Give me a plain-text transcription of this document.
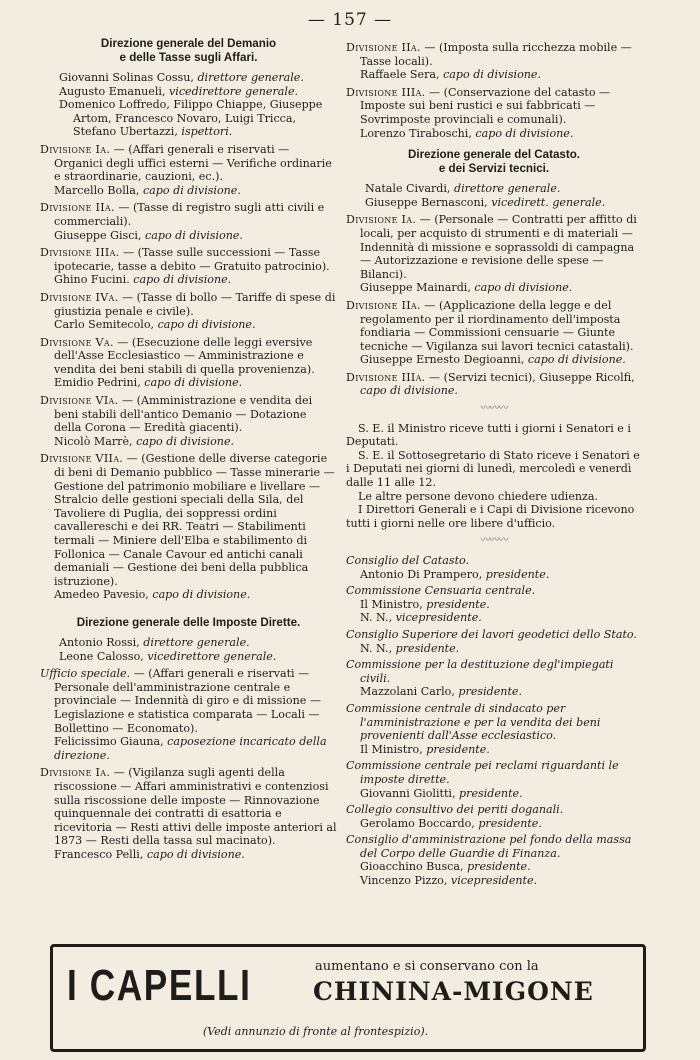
— 157 —
Direzione generale del Demanio
e delle Tasse sugli Affari.
Giovanni Solinas Cossu, direttore generale.
Augusto Emanueli, vicedirettore generale.
Domenico Loffredo, Filippo Chiappe, Giuseppe Artom, Francesco Novaro, Luigi Tricca, Stefano Ubertazzi, ispettori.
Divisione Ia. — (Affari generali e riservati — Organici degli uffici esterni — Verifiche ordinarie e straordinarie, cauzioni, ec.).
Marcello Bolla, capo di divisione.
Divisione IIa. — (Tasse di registro sugli atti civili e commerciali).
Giuseppe Gisci, capo di divisione.
Divisione IIIa. — (Tasse sulle successioni — Tasse ipotecarie, tasse a debito — Gratuito patrocinio).
Ghino Fucini. capo di divisione.
Divisione IVa. — (Tasse di bollo — Tariffe di spese di giustizia penale e civile).
Carlo Semitecolo, capo di divisione.
Divisione Va. — (Esecuzione delle leggi eversive dell'Asse Ecclesiastico — Amministrazione e vendita dei beni stabili di quella provenienza).
Emidio Pedrini, capo di divisione.
Divisione VIa. — (Amministrazione e vendita dei beni stabili dell'antico Demanio — Dotazione della Corona — Eredità giacenti).
Nicolò Marrè, capo di divisione.
Divisione VIIa. — (Gestione delle diverse categorie di beni di Demanio pubblico — Tasse minerarie — Gestione del patrimonio mobiliare e livellare — Stralcio delle gestioni speciali della Sila, del Tavoliere di Puglia, dei soppressi ordini cavallereschi e dei RR. Teatri — Stabilimenti termali — Miniere dell'Elba e stabilimento di Follonica — Canale Cavour ed antichi canali demaniali — Gestione dei beni della pubblica istruzione).
Amedeo Pavesio, capo di divisione.
Direzione generale delle Imposte Dirette.
Antonio Rossi, direttore generale.
Leone Calosso, vicedirettore generale.
Ufficio speciale. — (Affari generali e riservati — Personale dell'amministrazione centrale e provinciale — Indennità di giro e di missione — Legislazione e statistica comparata — Locali — Bollettino — Economato).
Felicissimo Giauna, caposezione incaricato della direzione.
Divisione Ia. — (Vigilanza sugli agenti della riscossione — Affari amministrativi e contenziosi sulla riscossione delle imposte — Rinnovazione quinquennale dei contratti di esattoria e ricevitoria — Resti attivi delle imposte anteriori al 1873 — Resti della tassa sul macinato).
Francesco Pelli, capo di divisione.
Divisione IIa. — (Imposta sulla ricchezza mobile — Tasse locali).
Raffaele Sera, capo di divisione.
Divisione IIIa. — (Conservazione del catasto — Imposte sui beni rustici e sui fabbricati — Sovrimposte provinciali e comunali).
Lorenzo Tiraboschi, capo di divisione.
Direzione generale del Catasto.
e dei Servizi tecnici.
Natale Civardi, direttore generale.
Giuseppe Bernasconi, vicedirett. generale.
Divisione Ia. — (Personale — Contratti per affitto di locali, per acquisto di strumenti e di materiali — Indennità di missione e soprassoldi di campagna — Autorizzazione e revisione delle spese — Bilanci).
Giuseppe Mainardi, capo di divisione.
Divisione IIa. — (Applicazione della legge e del regolamento per il riordinamento dell'imposta fondiaria — Commissioni censuarie — Giunte tecniche — Vigilanza sui lavori tecnici catastali).
Giuseppe Ernesto Degioanni, capo di divisione.
Divisione IIIa. — (Servizi tecnici), Giuseppe Ricolfi, capo di divisione.
〰〰〰
S. E. il Ministro riceve tutti i giorni i Senatori e i Deputati.
S. E. il Sottosegretario di Stato riceve i Senatori e i Deputati nei giorni di lunedì, mercoledì e venerdì dalle 11 alle 12.
Le altre persone devono chiedere udienza.
I Direttori Generali e i Capi di Divisione ricevono tutti i giorni nelle ore libere d'ufficio.
〰〰〰
Consiglio del Catasto.
Antonio Di Prampero, presidente.
Commissione Censuaria centrale.
Il Ministro, presidente.
N. N., vicepresidente.
Consiglio Superiore dei lavori geodetici dello Stato.
N. N., presidente.
Commissione per la destituzione degl'impiegati civili.
Mazzolani Carlo, presidente.
Commissione centrale di sindacato per l'amministrazione e per la vendita dei beni provenienti dall'Asse ecclesiastico.
Il Ministro, presidente.
Commissione centrale pei reclami riguardanti le imposte dirette.
Giovanni Giolitti, presidente.
Collegio consultivo dei periti doganali.
Gerolamo Boccardo, presidente.
Consiglio d'amministrazione pel fondo della massa del Corpo delle Guardie di Finanza.
Gioacchino Busca, presidente.
Vincenzo Pizzo, vicepresidente.
I CAPELLI	aumentano e si conservano con la
CHININA-MIGONE
(Vedi annunzio di fronte al frontespizio).
